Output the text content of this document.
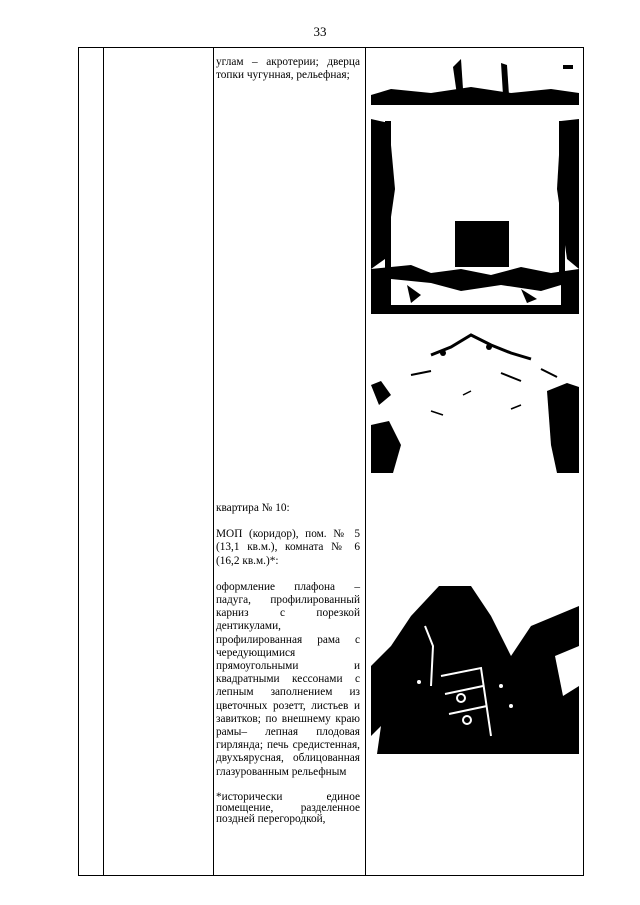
33

углам – акротерии; дверца топки чугунная, рельефная;

квартира № 10:

МОП (коридор), пом. № 5 (13,1 кв.м.), комната № 6 (16,2 кв.м.)*:

оформление плафона – падуга, профилированный карниз с порезкой дентикулами, профилированная рама с чередующимися прямоугольными и квадратными кессонами с лепным заполнением из цветочных розетт, листьев и завитков; по внешнему краю рамы– лепная плодовая гирлянда; печь средистенная, двухъярусная, облицованная глазурованным рельефным

*исторически единое помещение, разделенное поздней перегородкой,
